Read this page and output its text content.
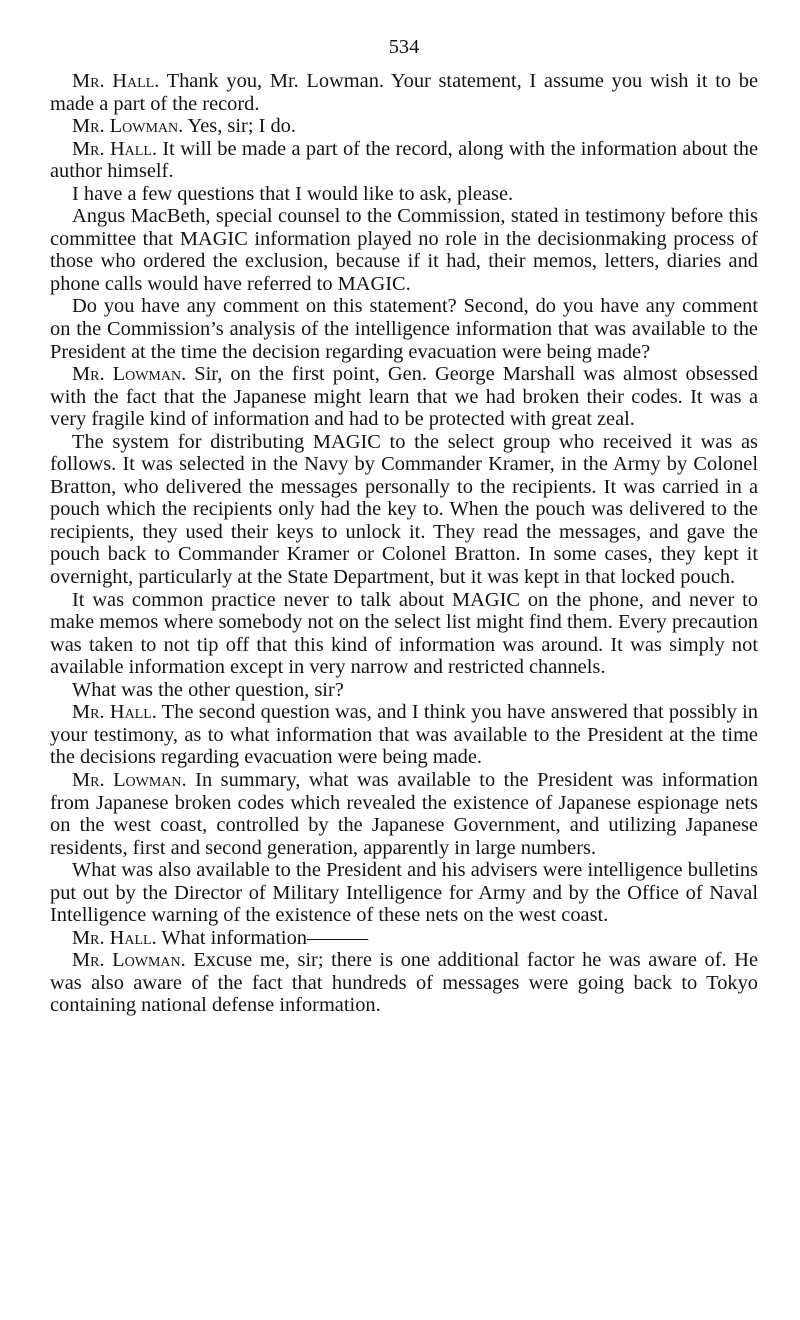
534

Mr. Hall. Thank you, Mr. Lowman. Your statement, I assume you wish it to be made a part of the record.

Mr. Lowman. Yes, sir; I do.

Mr. Hall. It will be made a part of the record, along with the information about the author himself.

I have a few questions that I would like to ask, please.

Angus MacBeth, special counsel to the Commission, stated in testimony before this committee that MAGIC information played no role in the decisionmaking process of those who ordered the exclusion, because if it had, their memos, letters, diaries and phone calls would have referred to MAGIC.

Do you have any comment on this statement? Second, do you have any comment on the Commission’s analysis of the intelligence information that was available to the President at the time the decision regarding evacuation were being made?

Mr. Lowman. Sir, on the first point, Gen. George Marshall was almost obsessed with the fact that the Japanese might learn that we had broken their codes. It was a very fragile kind of information and had to be protected with great zeal.

The system for distributing MAGIC to the select group who received it was as follows. It was selected in the Navy by Commander Kramer, in the Army by Colonel Bratton, who delivered the messages personally to the recipients. It was carried in a pouch which the recipients only had the key to. When the pouch was delivered to the recipients, they used their keys to unlock it. They read the messages, and gave the pouch back to Commander Kramer or Colonel Bratton. In some cases, they kept it overnight, particularly at the State Department, but it was kept in that locked pouch.

It was common practice never to talk about MAGIC on the phone, and never to make memos where somebody not on the select list might find them. Every precaution was taken to not tip off that this kind of information was around. It was simply not available information except in very narrow and restricted channels.

What was the other question, sir?

Mr. Hall. The second question was, and I think you have answered that possibly in your testimony, as to what information that was available to the President at the time the decisions regarding evacuation were being made.

Mr. Lowman. In summary, what was available to the President was information from Japanese broken codes which revealed the existence of Japanese espionage nets on the west coast, controlled by the Japanese Government, and utilizing Japanese residents, first and second generation, apparently in large numbers.

What was also available to the President and his advisers were intelligence bulletins put out by the Director of Military Intelligence for Army and by the Office of Naval Intelligence warning of the existence of these nets on the west coast.

Mr. Hall. What information———

Mr. Lowman. Excuse me, sir; there is one additional factor he was aware of. He was also aware of the fact that hundreds of messages were going back to Tokyo containing national defense information.
